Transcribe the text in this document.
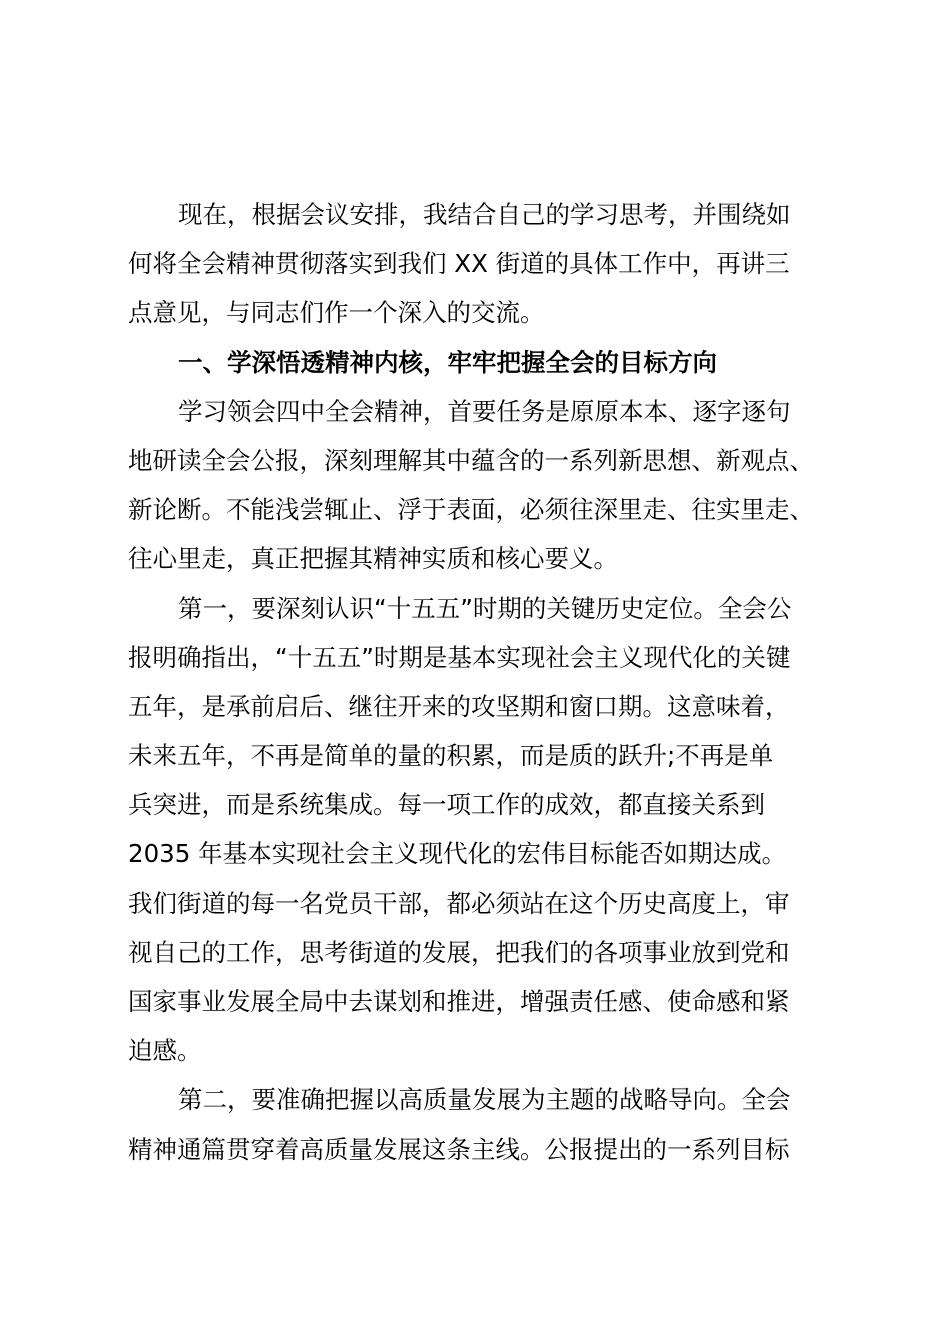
现在，根据会议安排，我结合自己的学习思考，并围绕如
何将全会精神贯彻落实到我们 XX 街道的具体工作中，再讲三
点意见，与同志们作一个深入的交流。
一、学深悟透精神内核，牢牢把握全会的目标方向
学习领会四中全会精神，首要任务是原原本本、逐字逐句
地研读全会公报，深刻理解其中蕴含的一系列新思想、新观点、
新论断。不能浅尝辄止、浮于表面，必须往深里走、往实里走、
往心里走，真正把握其精神实质和核心要义。
第一，要深刻认识“十五五”时期的关键历史定位。全会公
报明确指出，“十五五”时期是基本实现社会主义现代化的关键
五年，是承前启后、继往开来的攻坚期和窗口期。这意味着，
未来五年，不再是简单的量的积累，而是质的跃升;不再是单
兵突进，而是系统集成。每一项工作的成效，都直接关系到
2035 年基本实现社会主义现代化的宏伟目标能否如期达成。
我们街道的每一名党员干部，都必须站在这个历史高度上，审
视自己的工作，思考街道的发展，把我们的各项事业放到党和
国家事业发展全局中去谋划和推进，增强责任感、使命感和紧
迫感。
第二，要准确把握以高质量发展为主题的战略导向。全会
精神通篇贯穿着高质量发展这条主线。公报提出的一系列目标
